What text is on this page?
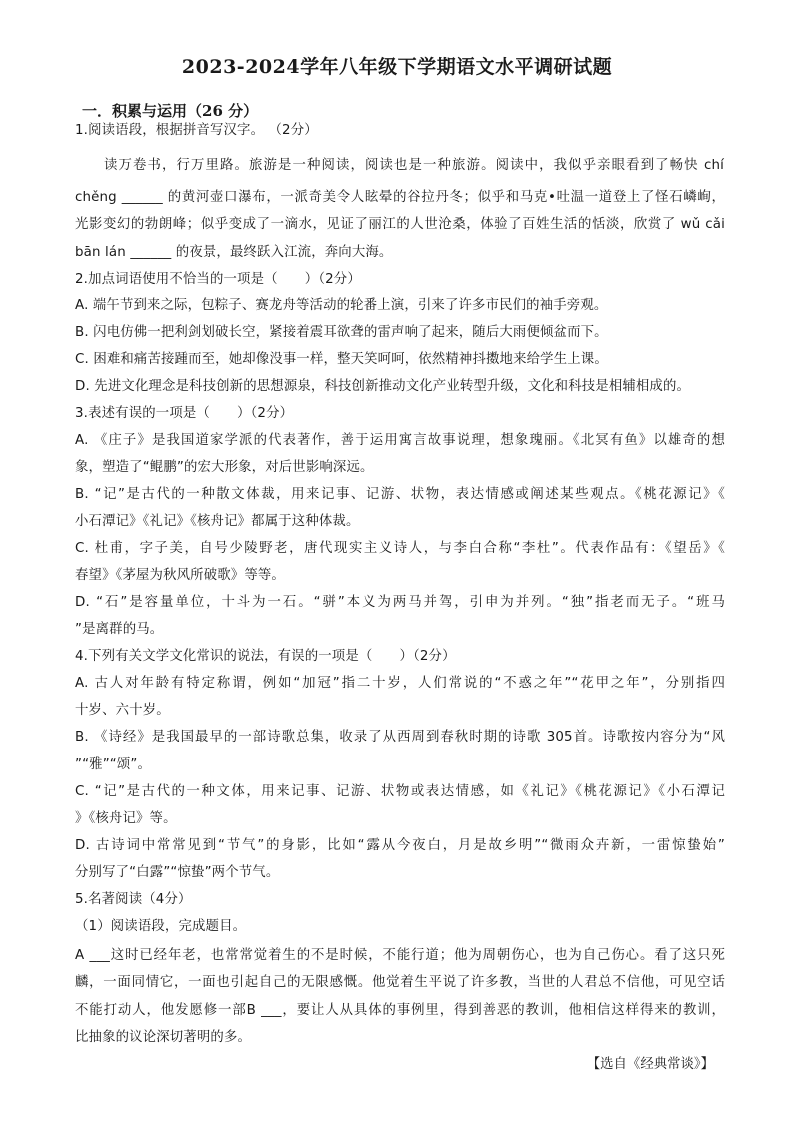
2023-2024学年八年级下学期语文水平调研试题
一．积累与运用（26 分）
1.阅读语段，根据拼音写汉字。 （2分）
读万卷书，行万里路。旅游是一种阅读，阅读也是一种旅游。阅读中，我似乎亲眼看到了畅快 chí
chěng ______ 的黄河壶口瀑布，一派奇美令人眩晕的谷拉丹冬；似乎和马克•吐温一道登上了怪石嶙峋，
光影变幻的勃朗峰；似乎变成了一滴水，见证了丽江的人世沧桑，体验了百姓生活的恬淡，欣赏了 wǔ cǎi
bān lán ______ 的夜景，最终跃入江流，奔向大海。
2.加点词语使用不恰当的一项是（　　）（2分）
A. 端午节到来之际，包粽子、赛龙舟等活动的轮番上演，引来了许多市民们的袖手旁观。
B. 闪电仿佛一把利剑划破长空，紧接着震耳欲聋的雷声响了起来，随后大雨便倾盆而下。
C. 困难和痛苦接踵而至，她却像没事一样，整天笑呵呵，依然精神抖擞地来给学生上课。
D. 先进文化理念是科技创新的思想源泉，科技创新推动文化产业转型升级，文化和科技是相辅相成的。
3.表述有误的一项是（　　）（2分）
A. 《庄子》是我国道家学派的代表著作，善于运用寓言故事说理，想象瑰丽。《北冥有鱼》以雄奇的想
象，塑造了“鲲鹏”的宏大形象，对后世影响深远。
B. “记”是古代的一种散文体裁，用来记事、记游、状物，表达情感或阐述某些观点。《桃花源记》《
小石潭记》《礼记》《核舟记》都属于这种体裁。
C. 杜甫，字子美，自号少陵野老，唐代现实主义诗人，与李白合称“李杜”。代表作品有：《望岳》《
春望》《茅屋为秋风所破歌》等等。
D. “石”是容量单位，十斗为一石。“骈”本义为两马并驾，引申为并列。“独”指老而无子。“班马
”是离群的马。
4.下列有关文学文化常识的说法，有误的一项是（　　）（2分）
A. 古人对年龄有特定称谓，例如“加冠”指二十岁，人们常说的“不惑之年”“花甲之年”，分别指四
十岁、六十岁。
B. 《诗经》是我国最早的一部诗歌总集，收录了从西周到春秋时期的诗歌 305首。诗歌按内容分为“风
”“雅”“颂”。
C. “记”是古代的一种文体，用来记事、记游、状物或表达情感，如《礼记》《桃花源记》《小石潭记
》《核舟记》等。
D. 古诗词中常常见到“节气”的身影，比如“露从今夜白，月是故乡明”“微雨众卉新，一雷惊蛰始”
分别写了“白露”“惊蛰”两个节气。
5.名著阅读（4分）
（1）阅读语段，完成题目。
A ___这时已经年老，也常常觉着生的不是时候，不能行道；他为周朝伤心，也为自己伤心。看了这只死
麟，一面同情它，一面也引起自己的无限感慨。他觉着生平说了许多教，当世的人君总不信他，可见空话
不能打动人，他发愿修一部B ___，要让人从具体的事例里，得到善恶的教训，他相信这样得来的教训，
比抽象的议论深切著明的多。
【选自《经典常谈》】
